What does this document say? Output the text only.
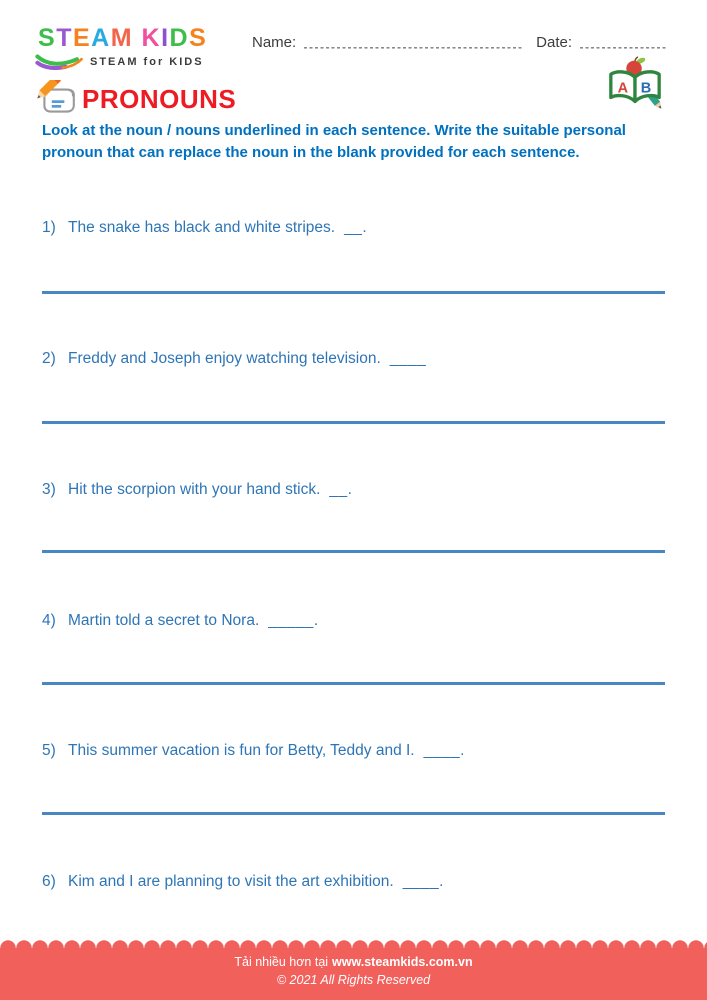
STEAM KIDS
STEAM for KIDS
Name:	Date:
A B
PRONOUNS
Look at the noun / nouns underlined in each sentence. Write the suitable personal pronoun that can replace the noun in the blank provided for each sentence.
1) The snake has black and white stripes. __.
2) Freddy and Joseph enjoy watching television. ____
3) Hit the scorpion with your hand stick. __.
4) Martin told a secret to Nora. _____.
5) This summer vacation is fun for Betty, Teddy and I. ____.
6) Kim and I are planning to visit the art exhibition. ____.
Tải nhiều hơn tại www.steamkids.com.vn
© 2021 All Rights Reserved
